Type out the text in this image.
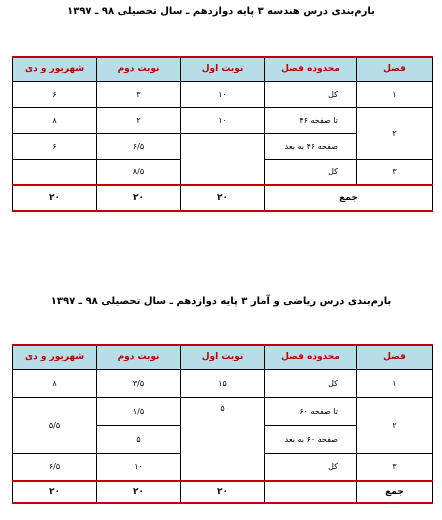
بارم‌بندی درس هندسه ۳ پایه دوازدهم ـ سال تحصیلی ۹۸ ـ ۱۳۹۷
فصل	محدوده فصل	نوبت اول	نوبت دوم	شهریور و دی
۱	کل	۱۰	۳	۶
۲	تا صفحه ۴۶	۱۰	۲	۸
	صفحه ۴۶ به بعد		۶/۵	۶
۳	کل		۸/۵	
جمع		۲۰	۲۰	۲۰
بارم‌بندی درس ریاضی و آمار ۳ پایه دوازدهم ـ سال تحصیلی ۹۸ ـ ۱۳۹۷
فصل	محدوده فصل	نوبت اول	نوبت دوم	شهریور و دی
۱	کل	۱۵	۳/۵	۸
۲	تا صفحه ۶۰	۵	۱/۵	۵/۵
	صفحه ۶۰ به بعد		۵	
۳	کل		۱۰	۶/۵
جمع		۲۰	۲۰	۲۰
